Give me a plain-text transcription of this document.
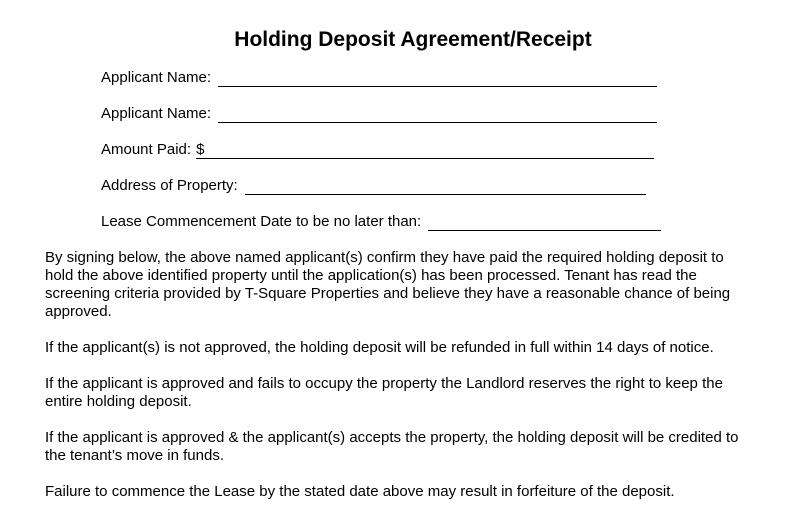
Holding Deposit Agreement/Receipt
Applicant Name:
Applicant Name:
Amount Paid: $
Address of Property:
Lease Commencement Date to be no later than:

By signing below, the above named applicant(s) confirm they have paid the required holding deposit to
hold the above identified property until the application(s) has been processed. Tenant has read the
screening criteria provided by T-Square Properties and believe they have a reasonable chance of being
approved.

If the applicant(s) is not approved, the holding deposit will be refunded in full within 14 days of notice.

If the applicant is approved and fails to occupy the property the Landlord reserves the right to keep the
entire holding deposit.

If the applicant is approved & the applicant(s) accepts the property, the holding deposit will be credited to
the tenant’s move in funds.

Failure to commence the Lease by the stated date above may result in forfeiture of the deposit.
